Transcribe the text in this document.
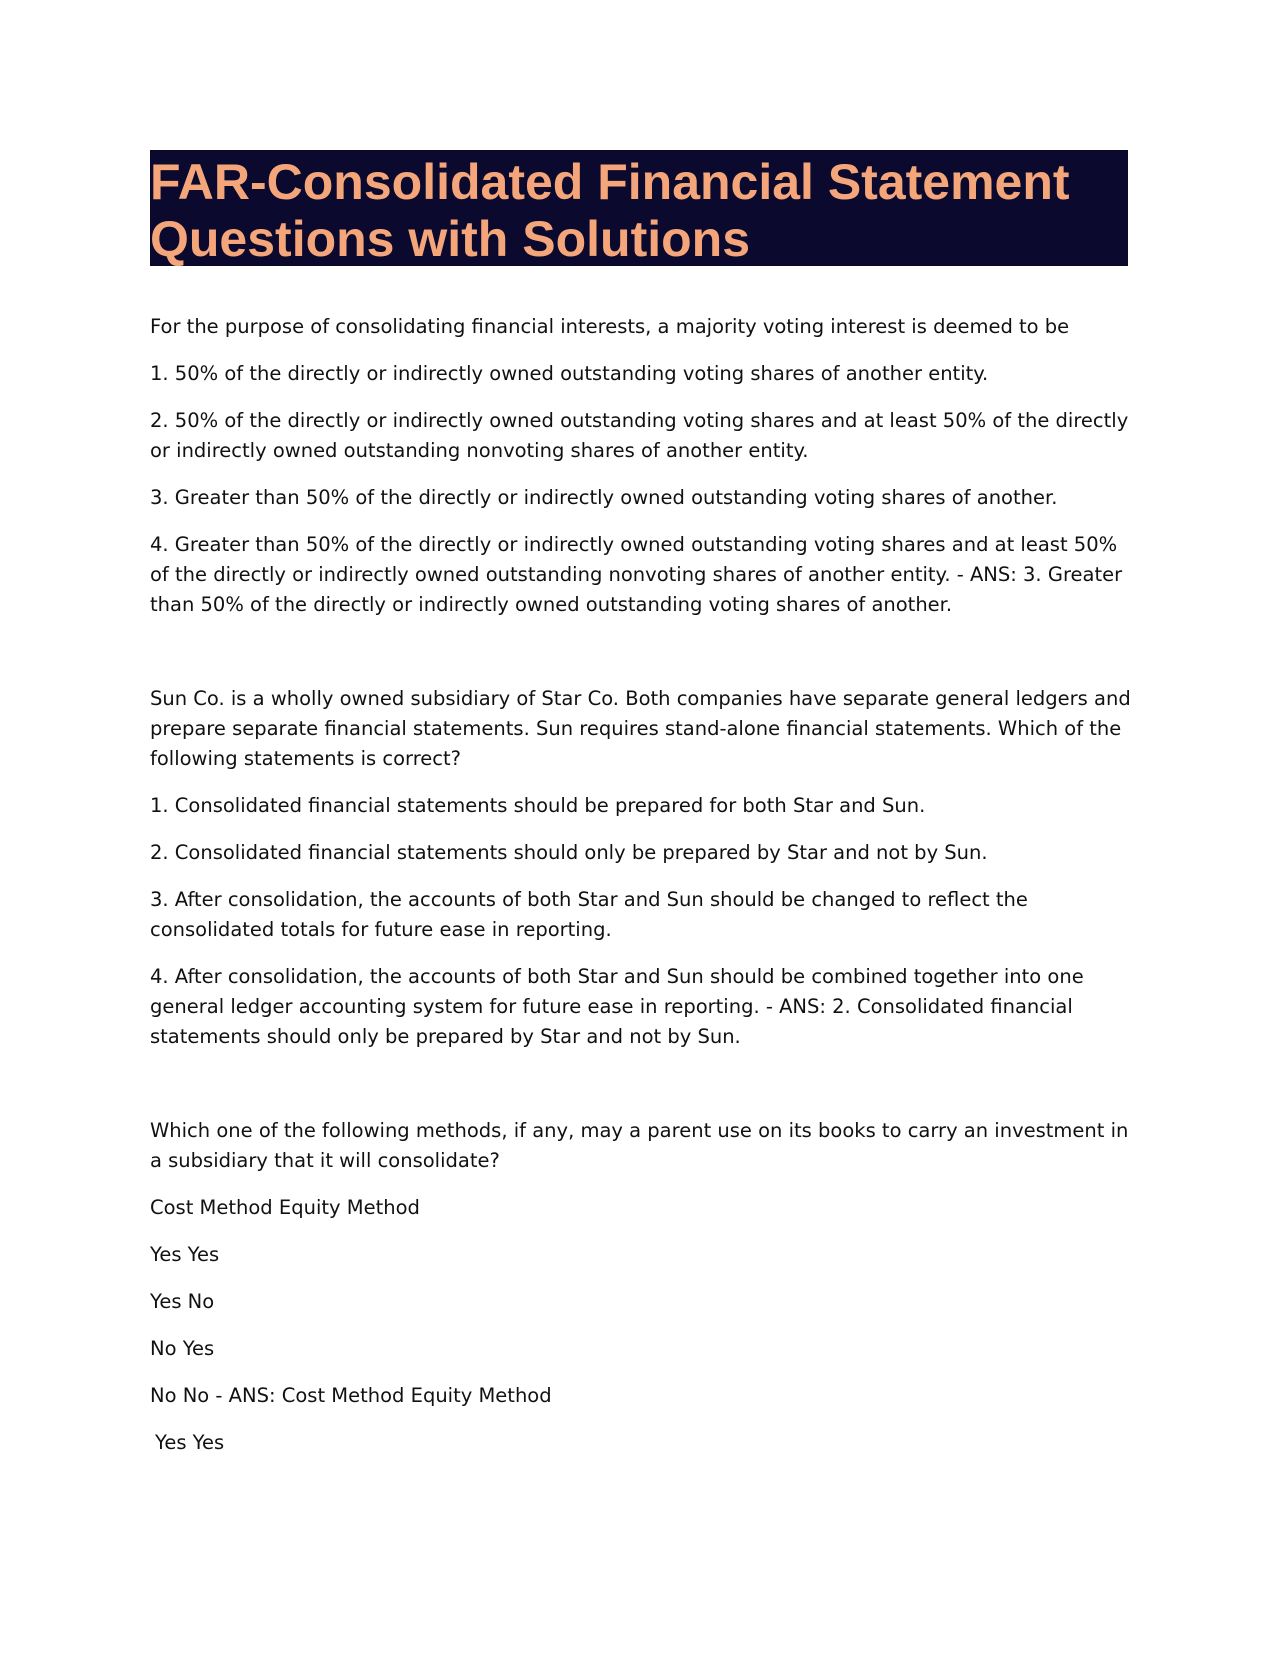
FAR-Consolidated Financial Statement
Questions with Solutions

For the purpose of consolidating financial interests, a majority voting interest is deemed to be

1. 50% of the directly or indirectly owned outstanding voting shares of another entity.

2. 50% of the directly or indirectly owned outstanding voting shares and at least 50% of the directly or indirectly owned outstanding nonvoting shares of another entity.

3. Greater than 50% of the directly or indirectly owned outstanding voting shares of another.

4. Greater than 50% of the directly or indirectly owned outstanding voting shares and at least 50% of the directly or indirectly owned outstanding nonvoting shares of another entity. - ANS: 3. Greater than 50% of the directly or indirectly owned outstanding voting shares of another.

Sun Co. is a wholly owned subsidiary of Star Co. Both companies have separate general ledgers and prepare separate financial statements. Sun requires stand-alone financial statements. Which of the following statements is correct?

1. Consolidated financial statements should be prepared for both Star and Sun.

2. Consolidated financial statements should only be prepared by Star and not by Sun.

3. After consolidation, the accounts of both Star and Sun should be changed to reflect the consolidated totals for future ease in reporting.

4. After consolidation, the accounts of both Star and Sun should be combined together into one general ledger accounting system for future ease in reporting. - ANS: 2. Consolidated financial statements should only be prepared by Star and not by Sun.

Which one of the following methods, if any, may a parent use on its books to carry an investment in a subsidiary that it will consolidate?

Cost Method Equity Method

Yes Yes

Yes No

No Yes

No No - ANS: Cost Method Equity Method

Yes Yes
